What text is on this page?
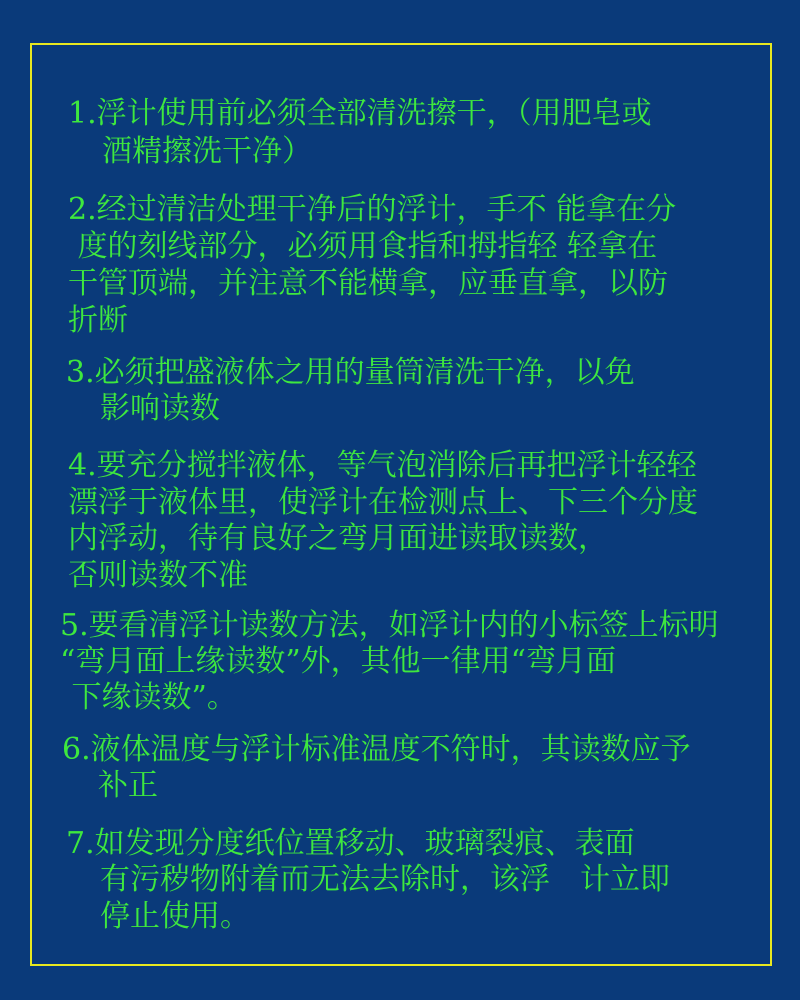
1.浮计使用前必须全部清洗擦干，（用肥皂或

酒精擦洗干净）

2.经过清洁处理干净后的浮计，手不 能拿在分

度的刻线部分，必须用食指和拇指轻 轻拿在

干管顶端，并注意不能横拿，应垂直拿，以防

折断

3.必须把盛液体之用的量筒清洗干净，以免

影响读数

4.要充分搅拌液体，等气泡消除后再把浮计轻轻

漂浮于液体里，使浮计在检测点上、下三个分度

内浮动，待有良好之弯月面进读取读数，

否则读数不准

5.要看清浮计读数方法，如浮计内的小标签上标明

“弯月面上缘读数”外，其他一律用“弯月面

下缘读数”。

6.液体温度与浮计标准温度不符时，其读数应予

补正

7.如发现分度纸位置移动、玻璃裂痕、表面

有污秽物附着而无法去除时，该浮　计立即

停止使用。
